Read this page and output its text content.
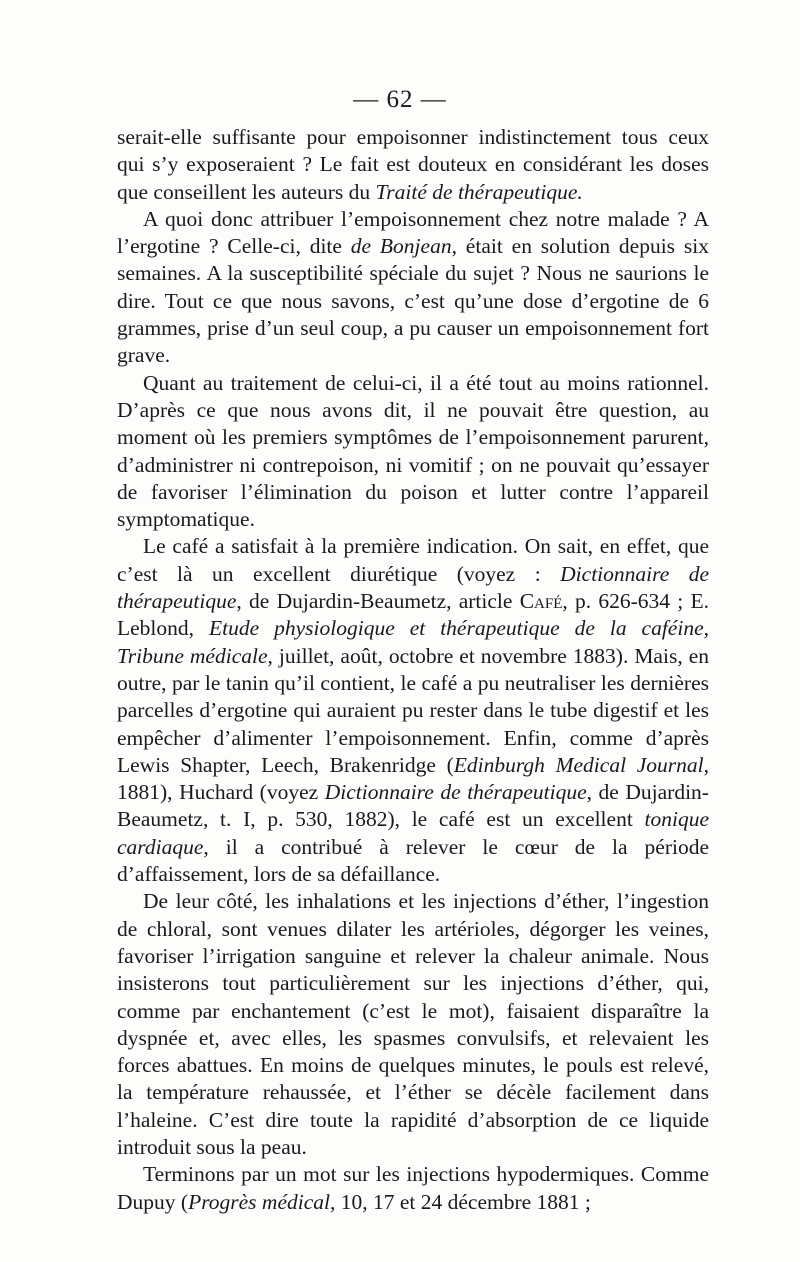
— 62 —

serait-elle suffisante pour empoisonner indistinctement tous ceux qui s’y exposeraient ? Le fait est douteux en considérant les doses que conseillent les auteurs du Traité de thérapeutique.

A quoi donc attribuer l’empoisonnement chez notre malade ? A l’ergotine ? Celle-ci, dite de Bonjean, était en solution depuis six semaines. A la susceptibilité spéciale du sujet ? Nous ne saurions le dire. Tout ce que nous savons, c’est qu’une dose d’ergotine de 6 grammes, prise d’un seul coup, a pu causer un empoisonnement fort grave.

Quant au traitement de celui-ci, il a été tout au moins rationnel. D’après ce que nous avons dit, il ne pouvait être question, au moment où les premiers symptômes de l’empoisonnement parurent, d’administrer ni contrepoison, ni vomitif ; on ne pouvait qu’essayer de favoriser l’élimination du poison et lutter contre l’appareil symptomatique.

Le café a satisfait à la première indication. On sait, en effet, que c’est là un excellent diurétique (voyez : Dictionnaire de thérapeutique, de Dujardin-Beaumetz, article Café, p. 626-634 ; E. Leblond, Etude physiologique et thérapeutique de la caféine, Tribune médicale, juillet, août, octobre et novembre 1883). Mais, en outre, par le tanin qu’il contient, le café a pu neutraliser les dernières parcelles d’ergotine qui auraient pu rester dans le tube digestif et les empêcher d’alimenter l’empoisonnement. Enfin, comme d’après Lewis Shapter, Leech, Brakenridge (Edinburgh Medical Journal, 1881), Huchard (voyez Dictionnaire de thérapeutique, de Dujardin-Beaumetz, t. I, p. 530, 1882), le café est un excellent tonique cardiaque, il a contribué à relever le cœur de la période d’affaissement, lors de sa défaillance.

De leur côté, les inhalations et les injections d’éther, l’ingestion de chloral, sont venues dilater les artérioles, dégorger les veines, favoriser l’irrigation sanguine et relever la chaleur animale. Nous insisterons tout particulièrement sur les injections d’éther, qui, comme par enchantement (c’est le mot), faisaient disparaître la dyspnée et, avec elles, les spasmes convulsifs, et relevaient les forces abattues. En moins de quelques minutes, le pouls est relevé, la température rehaussée, et l’éther se décèle facilement dans l’haleine. C’est dire toute la rapidité d’absorption de ce liquide introduit sous la peau.

Terminons par un mot sur les injections hypodermiques. Comme Dupuy (Progrès médical, 10, 17 et 24 décembre 1881 ;
